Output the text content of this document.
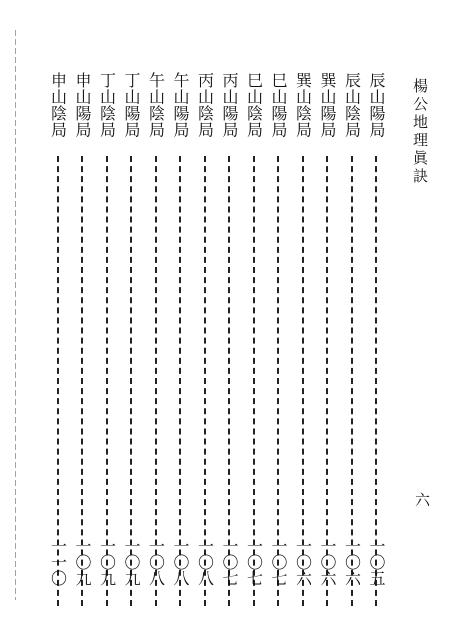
楊公地理眞訣
六
辰山陽局
一〇五
辰山陰局
一〇六
巽山陽局
一〇六
巽山陰局
一〇六
巳山陽局
一〇七
巳山陰局
一〇七
丙山陽局
一〇七
丙山陰局
一〇八
午山陽局
一〇八
午山陰局
一〇八
丁山陽局
一〇九
丁山陰局
一〇九
申山陽局
一〇九
申山陰局
一一〇
